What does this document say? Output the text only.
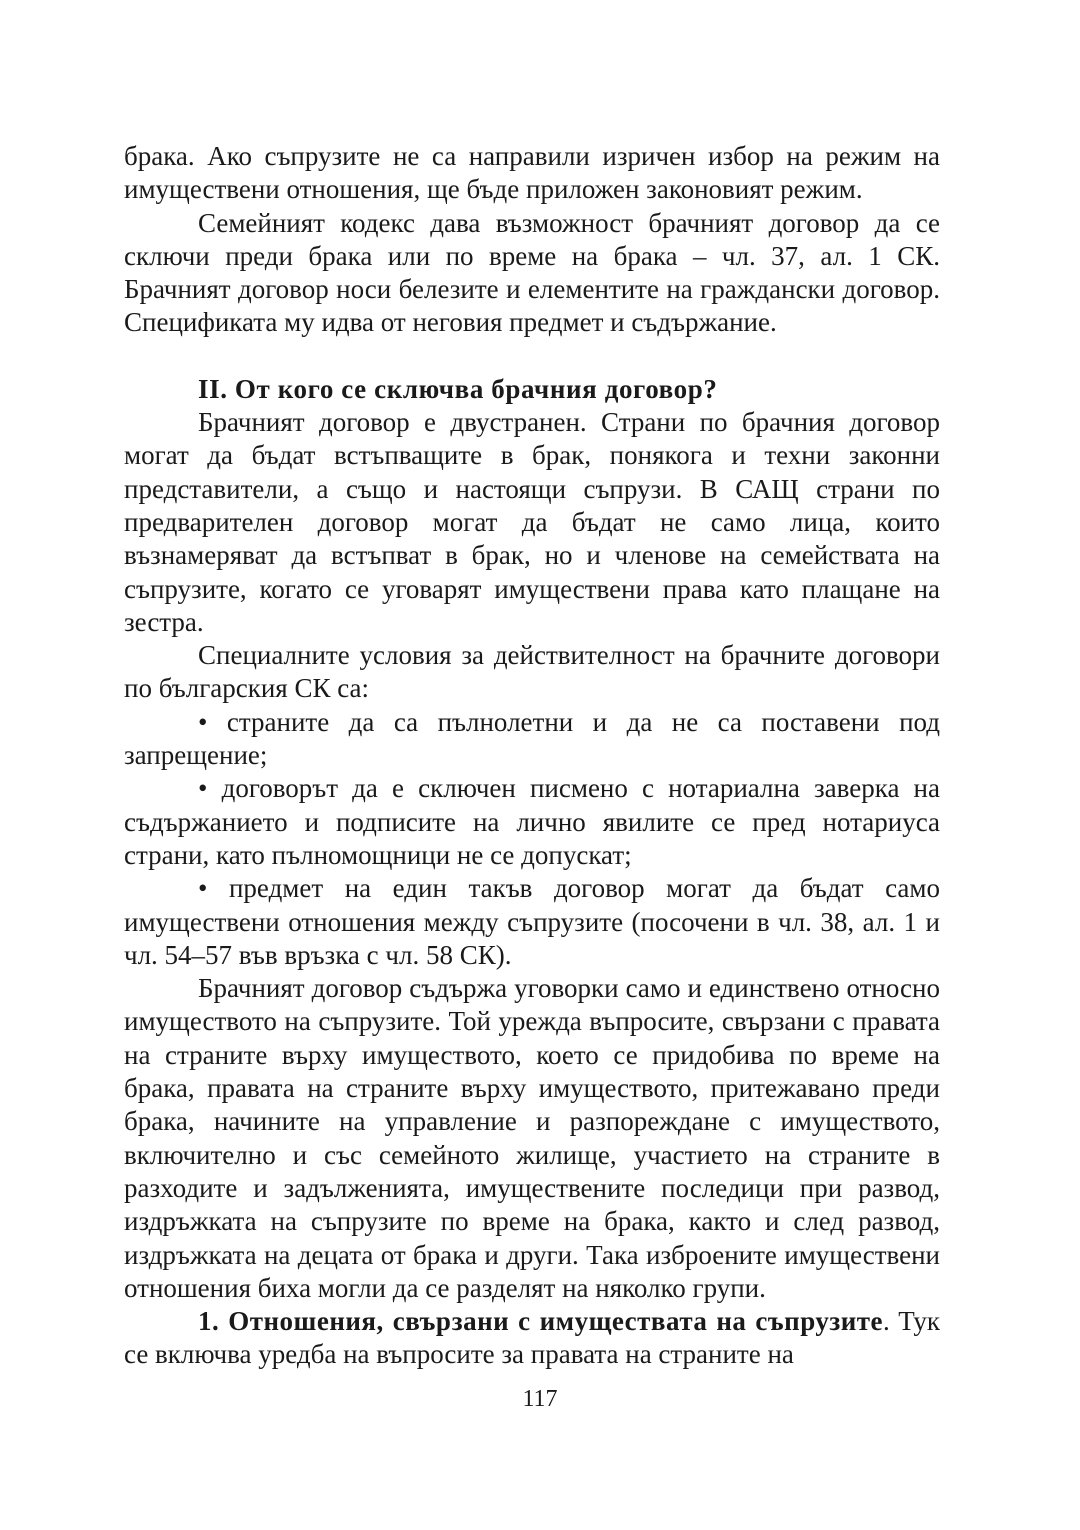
брака. Ако съпрузите не са направили изричен избор на режим на имуществени отношения, ще бъде приложен законовият режим.

Семейният кодекс дава възможност брачният договор да се сключи преди брака или по време на брака – чл. 37, ал. 1 СК. Брачният договор носи белезите и елементите на граждански договор. Спецификата му идва от неговия предмет и съдържание.

II. От кого се сключва брачния договор?

Брачният договор е двустранен. Страни по брачния договор могат да бъдат встъпващите в брак, понякога и техни законни представители, а също и настоящи съпрузи. В САЩ страни по предварителен договор могат да бъдат не само лица, които възнамеряват да встъпват в брак, но и членове на семействата на съпрузите, когато се уговарят имуществени права като плащане на зестра.

Специалните условия за действителност на брачните договори по българския СК са:

• страните да са пълнолетни и да не са поставени под запрещение;

• договорът да е сключен писмено с нотариална заверка на съдържанието и подписите на лично явилите се пред нотариуса страни, като пълномощници не се допускат;

• предмет на един такъв договор могат да бъдат само имуществени отношения между съпрузите (посочени в чл. 38, ал. 1 и чл. 54–57 във връзка с чл. 58 СК).

Брачният договор съдържа уговорки само и единствено относно имуществото на съпрузите. Той урежда въпросите, свързани с правата на страните върху имуществото, което се придобива по време на брака, правата на страните върху имуществото, притежавано преди брака, начините на управление и разпореждане с имуществото, включително и със семейното жилище, участието на страните в разходите и задълженията, имуществените последици при развод, издръжката на съпрузите по време на брака, както и след развод, издръжката на децата от брака и други. Така изброените имуществени отношения биха могли да се разделят на няколко групи.

1. Отношения, свързани с имуществата на съпрузите. Тук се включва уредба на въпросите за правата на страните на

117
